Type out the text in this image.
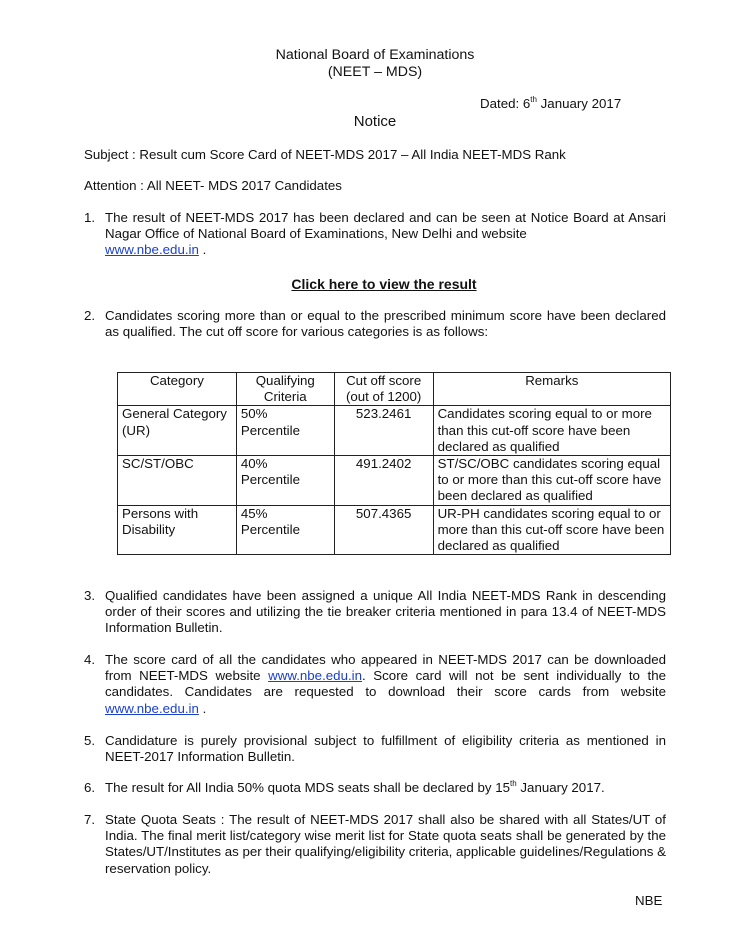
National Board of Examinations
(NEET – MDS)
Dated: 6th January 2017
Notice
Subject : Result cum Score Card of NEET-MDS 2017 – All India NEET-MDS Rank
Attention : All NEET- MDS 2017 Candidates
1. The result of NEET-MDS 2017 has been declared and can be seen at Notice Board at Ansari Nagar Office of National Board of Examinations, New Delhi and website
www.nbe.edu.in .
Click here to view the result
2. Candidates scoring more than or equal to the prescribed minimum score have been declared as qualified. The cut off score for various categories is as follows:
Category	Qualifying Criteria	Cut off score (out of 1200)	Remarks
General Category (UR)	50% Percentile	523.2461	Candidates scoring equal to or more than this cut-off score have been declared as qualified
SC/ST/OBC	40% Percentile	491.2402	ST/SC/OBC candidates scoring equal to or more than this cut-off score have been declared as qualified
Persons with Disability	45% Percentile	507.4365	UR-PH candidates scoring equal to or more than this cut-off score have been declared as qualified
3. Qualified candidates have been assigned a unique All India NEET-MDS Rank in descending order of their scores and utilizing the tie breaker criteria mentioned in para 13.4 of NEET-MDS Information Bulletin.
4. The score card of all the candidates who appeared in NEET-MDS 2017 can be downloaded from NEET-MDS website www.nbe.edu.in. Score card will not be sent individually to the candidates. Candidates are requested to download their score cards from website www.nbe.edu.in .
5. Candidature is purely provisional subject to fulfillment of eligibility criteria as mentioned in NEET-2017 Information Bulletin.
6. The result for All India 50% quota MDS seats shall be declared by 15th January 2017.
7. State Quota Seats : The result of NEET-MDS 2017 shall also be shared with all States/UT of India. The final merit list/category wise merit list for State quota seats shall be generated by the States/UT/Institutes as per their qualifying/eligibility criteria, applicable guidelines/Regulations & reservation policy.
NBE
